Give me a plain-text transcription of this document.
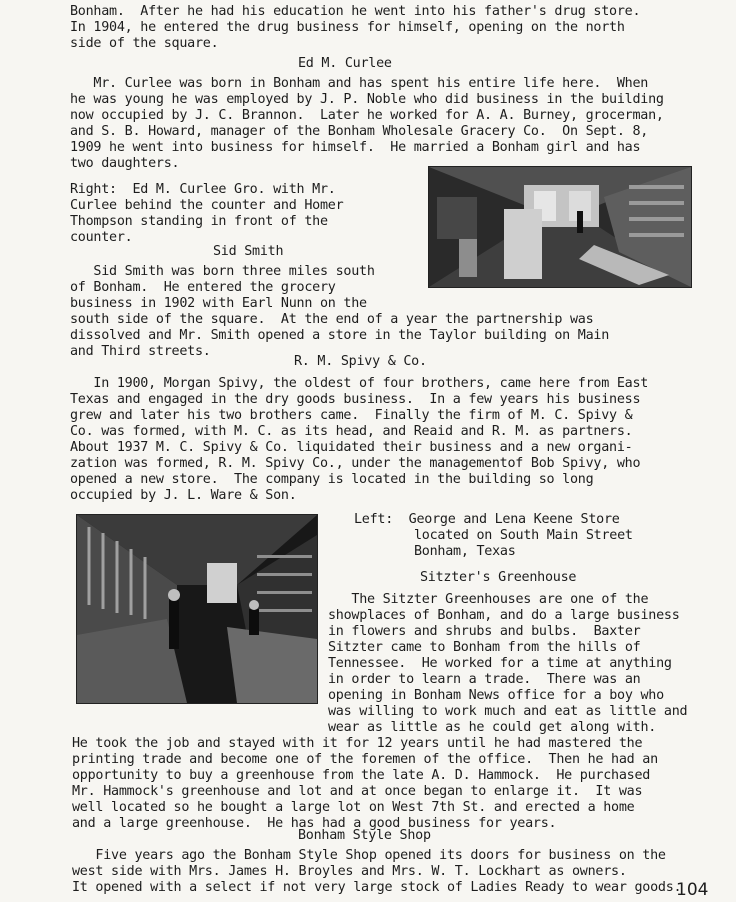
Bonham.  After he had his education he went into his father's drug store.
In 1904, he entered the drug business for himself, opening on the north
side of the square.
Ed M. Curlee
Mr. Curlee was born in Bonham and has spent his entire life here.  When
he was young he was employed by J. P. Noble who did business in the building
now occupied by J. C. Brannon.  Later he worked for A. A. Burney, grocerman,
and S. B. Howard, manager of the Bonham Wholesale Gracery Co.  On Sept. 8,
1909 he went into business for himself.  He married a Bonham girl and has
two daughters.
Right:  Ed M. Curlee Gro. with Mr.
Curlee behind the counter and Homer
Thompson standing in front of the
counter.
Sid Smith
Sid Smith was born three miles south
of Bonham.  He entered the grocery
business in 1902 with Earl Nunn on the
south side of the square.  At the end of a year the partnership was
dissolved and Mr. Smith opened a store in the Taylor building on Main
and Third streets.
R. M. Spivy & Co.
In 1900, Morgan Spivy, the oldest of four brothers, came here from East
Texas and engaged in the dry goods business.  In a few years his business
grew and later his two brothers came.  Finally the firm of M. C. Spivy &
Co. was formed, with M. C. as its head, and Reaid and R. M. as partners.
About 1937 M. C. Spivy & Co. liquidated their business and a new organi-
zation was formed, R. M. Spivy Co., under the managementof Bob Spivy, who
opened a new store.  The company is located in the building so long
occupied by J. L. Ware & Son.
Left:  George and Lena Keene Store
located on South Main Street
Bonham, Texas
Sitzter's Greenhouse
The Sitzter Greenhouses are one of the
showplaces of Bonham, and do a large business
in flowers and shrubs and bulbs.  Baxter
Sitzter came to Bonham from the hills of
Tennessee.  He worked for a time at anything
in order to learn a trade.  There was an
opening in Bonham News office for a boy who
was willing to work much and eat as little and
wear as little as he could get along with.
He took the job and stayed with it for 12 years until he had mastered the
printing trade and become one of the foremen of the office.  Then he had an
opportunity to buy a greenhouse from the late A. D. Hammock.  He purchased
Mr. Hammock's greenhouse and lot and at once began to enlarge it.  It was
well located so he bought a large lot on West 7th St. and erected a home
and a large greenhouse.  He has had a good business for years.
Bonham Style Shop
Five years ago the Bonham Style Shop opened its doors for business on the
west side with Mrs. James H. Broyles and Mrs. W. T. Lockhart as owners.
It opened with a select if not very large stock of Ladies Ready to wear goods.
104
